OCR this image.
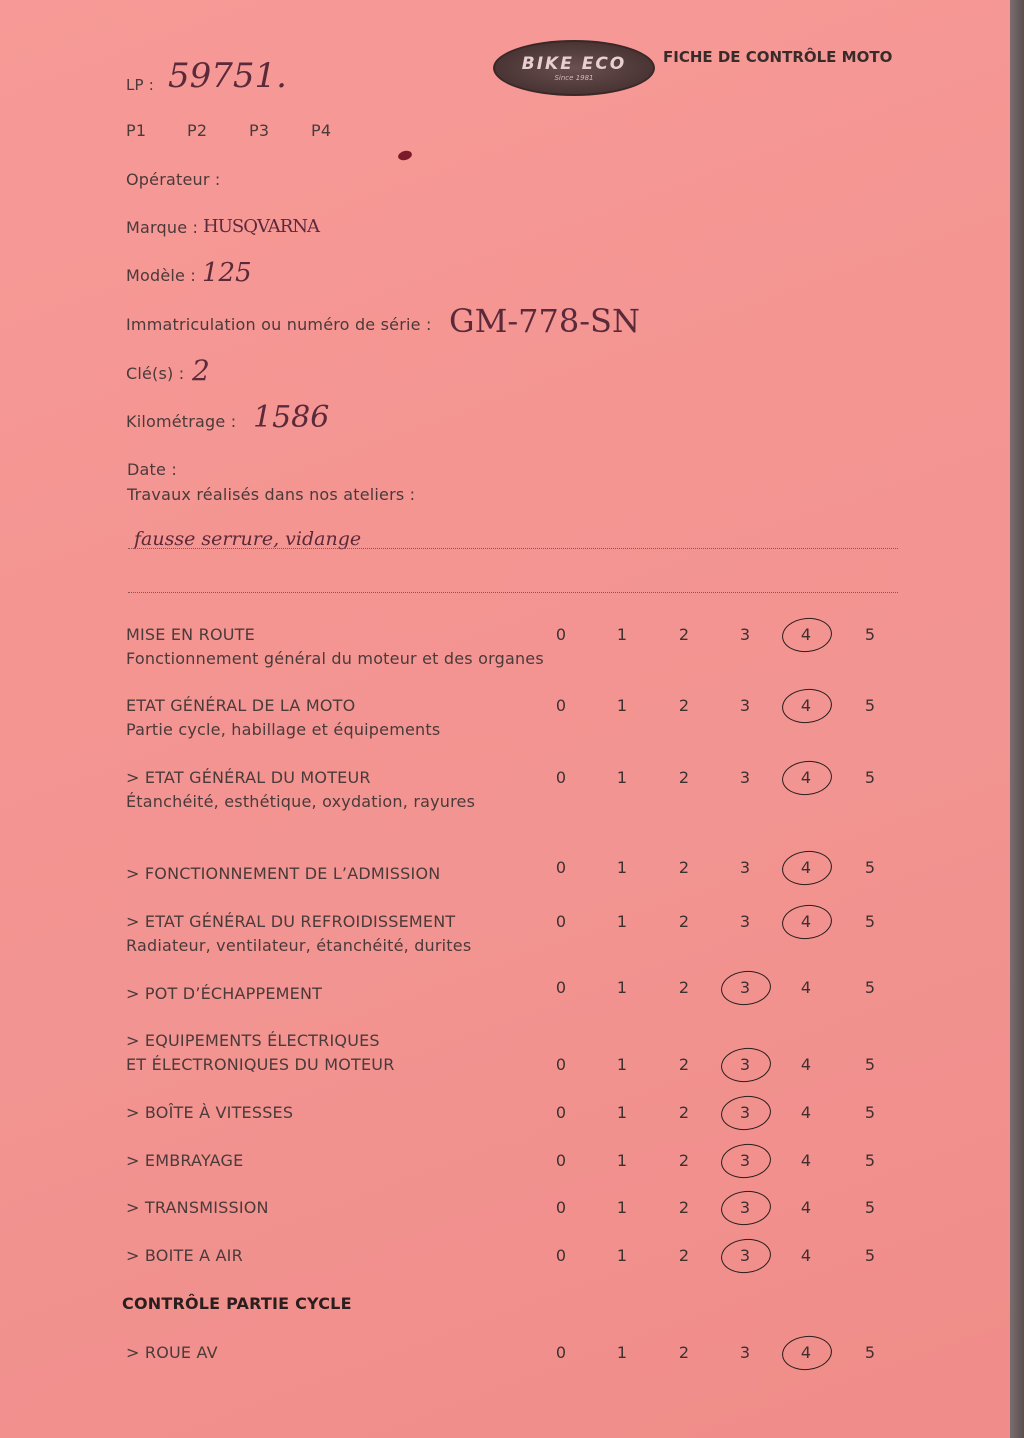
LP : 59751.	BIKE ECO
Since 1981
FICHE DE CONTRÔLE MOTO
P1	P2	P3	P4
Opérateur :
Marque : HUSQVARNA
Modèle : 125
Immatriculation ou numéro de série : GM-778-SN
Clé(s) : 2
Kilométrage : 1586
Date :
Travaux réalisés dans nos ateliers :
fausse serrure, vidange
MISE EN ROUTE
Fonctionnement général du moteur et des organes
0	1	2	3	4	5
ETAT GÉNÉRAL DE LA MOTO
Partie cycle, habillage et équipements
0	1	2	3	4	5
> ETAT GÉNÉRAL DU MOTEUR
Étanchéité, esthétique, oxydation, rayures
0	1	2	3	4	5
> FONCTIONNEMENT DE L’ADMISSION	0	1	2	3	4	5
> ETAT GÉNÉRAL DU REFROIDISSEMENT
Radiateur, ventilateur, étanchéité, durites
0	1	2	3	4	5
> POT D’ÉCHAPPEMENT	0	1	2	3	4	5
> EQUIPEMENTS ÉLECTRIQUES
ET ÉLECTRONIQUES DU MOTEUR	0	1	2	3	4	5
> BOÎTE À VITESSES	0	1	2	3	4	5
> EMBRAYAGE	0	1	2	3	4	5
> TRANSMISSION	0	1	2	3	4	5
> BOITE A AIR	0	1	2	3	4	5
> ROUE AV	0	1	2	3	4	5
CONTRÔLE PARTIE CYCLE
